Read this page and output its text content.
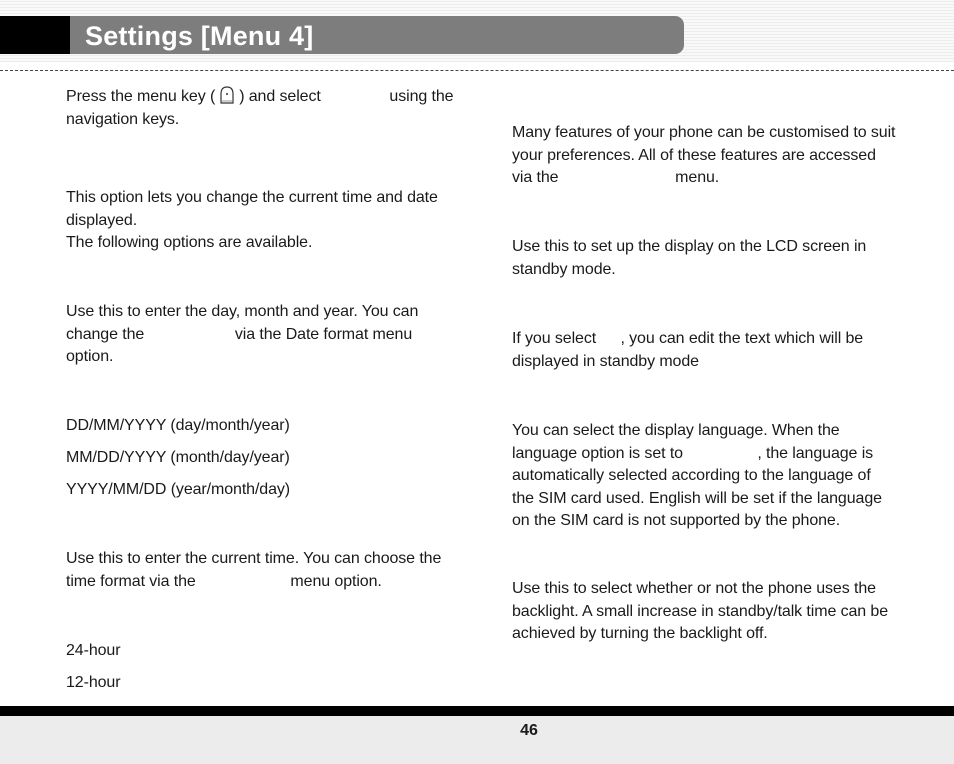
Settings [Menu 4]

Press the menu key ( ) and select	using the

navigation keys.

This option lets you change the current time and date

displayed.

The following options are available.

Use this to enter the day, month and year. You can

change the	via the Date format menu

option.

DD/MM/YYYY (day/month/year)
MM/DD/YYYY (month/day/year)
YYYY/MM/DD (year/month/day)

Use this to enter the current time. You can choose the

time format via the	menu option.

24-hour
12-hour

Many features of your phone can be customised to suit

your preferences. All of these features are accessed

via the	menu.

Use this to set up the display on the LCD screen in

standby mode.

If you select , you can edit the text which will be

displayed in standby mode

You can select the display language. When the

language option is set to	, the language is

automatically selected according to the language of

the SIM card used. English will be set if the language

on the SIM card is not supported by the phone.

Use this to select whether or not the phone uses the

backlight. A small increase in standby/talk time can be

achieved by turning the backlight off.

46
